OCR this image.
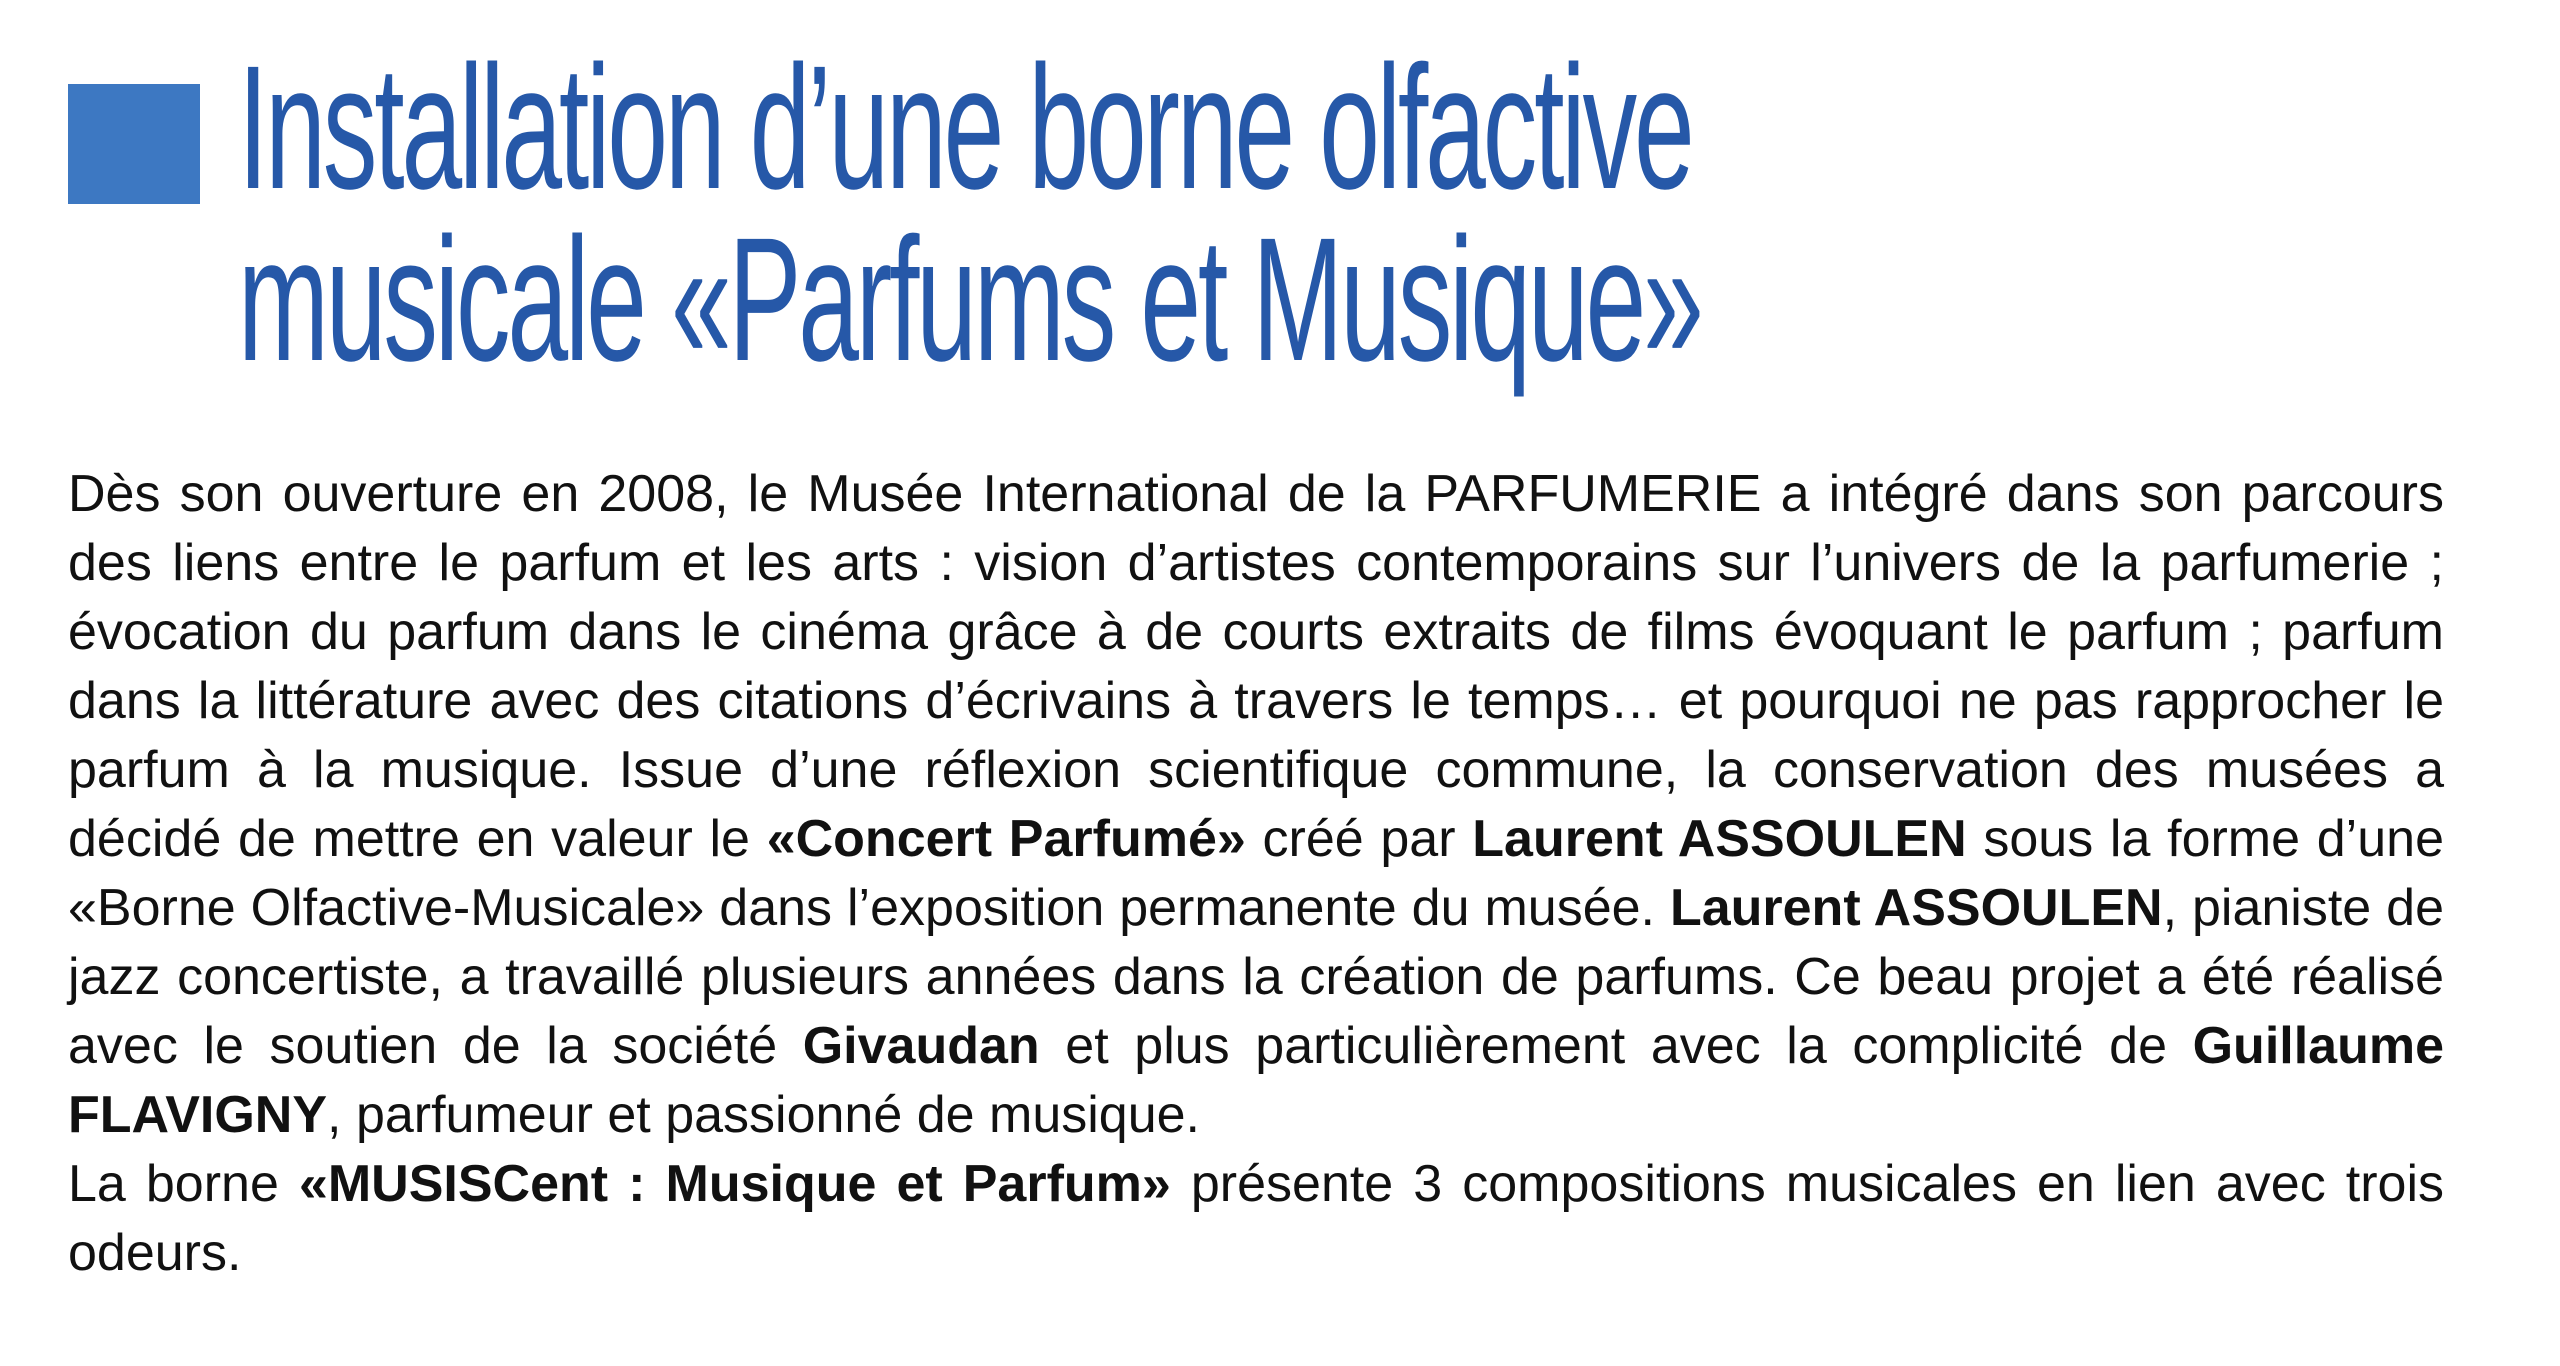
Installation d’une borne olfactive
musicale «Parfums et Musique»

Dès son ouverture en 2008, le Musée International de la PARFUMERIE a intégré dans son parcours des liens entre le parfum et les arts : vision d’artistes contemporains sur l’univers de la parfumerie ; évocation du parfum dans le cinéma grâce à de courts extraits de films évoquant le parfum ; parfum dans la littérature avec des citations d’écrivains à travers le temps… et pourquoi ne pas rapprocher le parfum à la musique. Issue d’une réflexion scientifique commune, la conservation des musées a décidé de mettre en valeur le «Concert Parfumé» créé par Laurent ASSOULEN sous la forme d’une «Borne Olfactive-Musicale» dans l’exposition permanente du musée. Laurent ASSOULEN, pianiste de jazz concertiste, a travaillé plusieurs années dans la création de parfums. Ce beau projet a été réalisé avec le soutien de la société Givaudan et plus particulièrement avec la complicité de Guillaume FLAVIGNY, parfumeur et passionné de musique.

La borne «MUSISCent : Musique et Parfum» présente 3 compositions musicales en lien avec trois odeurs.
